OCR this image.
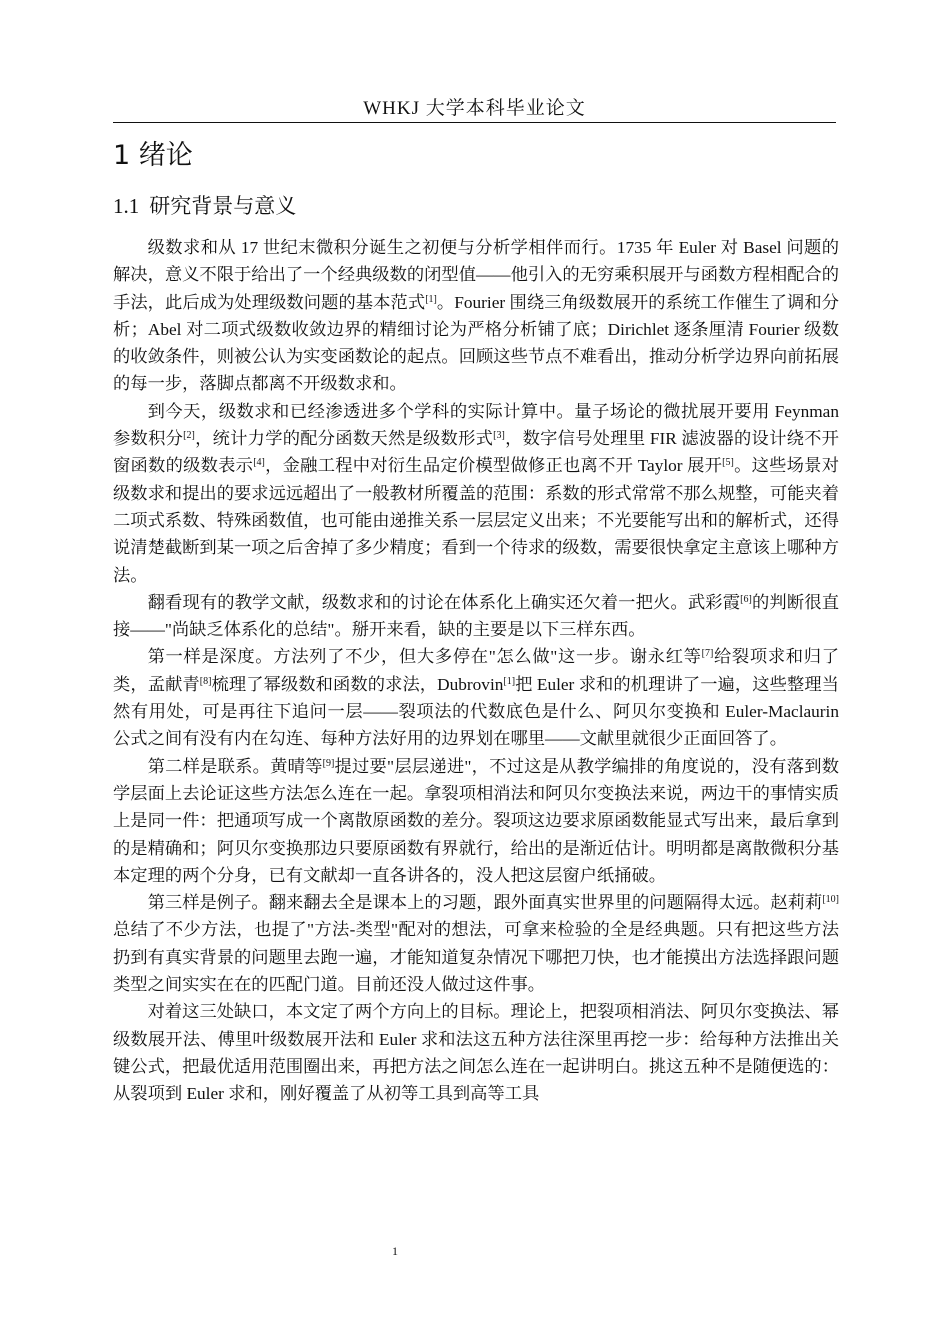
WHKJ 大学本科毕业论文
1 绪论
1.1 研究背景与意义

级数求和从 17 世纪末微积分诞生之初便与分析学相伴而行。1735 年 Euler 对 Basel 问题的解决，意义不限于给出了一个经典级数的闭型值——他引入的无穷乘积展开与函数方程相配合的手法，此后成为处理级数问题的基本范式[1]。Fourier 围绕三角级数展开的系统工作催生了调和分析；Abel 对二项式级数收敛边界的精细讨论为严格分析铺了底；Dirichlet 逐条厘清 Fourier 级数的收敛条件，则被公认为实变函数论的起点。回顾这些节点不难看出，推动分析学边界向前拓展的每一步，落脚点都离不开级数求和。

到今天，级数求和已经渗透进多个学科的实际计算中。量子场论的微扰展开要用 Feynman 参数积分[2]，统计力学的配分函数天然是级数形式[3]，数字信号处理里 FIR 滤波器的设计绕不开窗函数的级数表示[4]，金融工程中对衍生品定价模型做修正也离不开 Taylor 展开[5]。这些场景对级数求和提出的要求远远超出了一般教材所覆盖的范围：系数的形式常常不那么规整，可能夹着二项式系数、特殊函数值，也可能由递推关系一层层定义出来；不光要能写出和的解析式，还得说清楚截断到某一项之后舍掉了多少精度；看到一个待求的级数，需要很快拿定主意该上哪种方法。

翻看现有的教学文献，级数求和的讨论在体系化上确实还欠着一把火。武彩霞[6]的判断很直接——"尚缺乏体系化的总结"。掰开来看，缺的主要是以下三样东西。

第一样是深度。方法列了不少，但大多停在"怎么做"这一步。谢永红等[7]给裂项求和归了类，孟献青[8]梳理了幂级数和函数的求法，Dubrovin[1]把 Euler 求和的机理讲了一遍，这些整理当然有用处，可是再往下追问一层——裂项法的代数底色是什么、阿贝尔变换和 Euler-Maclaurin 公式之间有没有内在勾连、每种方法好用的边界划在哪里——文献里就很少正面回答了。

第二样是联系。黄晴等[9]提过要"层层递进"，不过这是从教学编排的角度说的，没有落到数学层面上去论证这些方法怎么连在一起。拿裂项相消法和阿贝尔变换法来说，两边干的事情实质上是同一件：把通项写成一个离散原函数的差分。裂项这边要求原函数能显式写出来，最后拿到的是精确和；阿贝尔变换那边只要原函数有界就行，给出的是渐近估计。明明都是离散微积分基本定理的两个分身，已有文献却一直各讲各的，没人把这层窗户纸捅破。

第三样是例子。翻来翻去全是课本上的习题，跟外面真实世界里的问题隔得太远。赵莉莉[10]总结了不少方法，也提了"方法-类型"配对的想法，可拿来检验的全是经典题。只有把这些方法扔到有真实背景的问题里去跑一遍，才能知道复杂情况下哪把刀快，也才能摸出方法选择跟问题类型之间实实在在的匹配门道。目前还没人做过这件事。

对着这三处缺口，本文定了两个方向上的目标。理论上，把裂项相消法、阿贝尔变换法、幂级数展开法、傅里叶级数展开法和 Euler 求和法这五种方法往深里再挖一步：给每种方法推出关键公式，把最优适用范围圈出来，再把方法之间怎么连在一起讲明白。挑这五种不是随便选的：从裂项到 Euler 求和，刚好覆盖了从初等工具到高等工具

1
